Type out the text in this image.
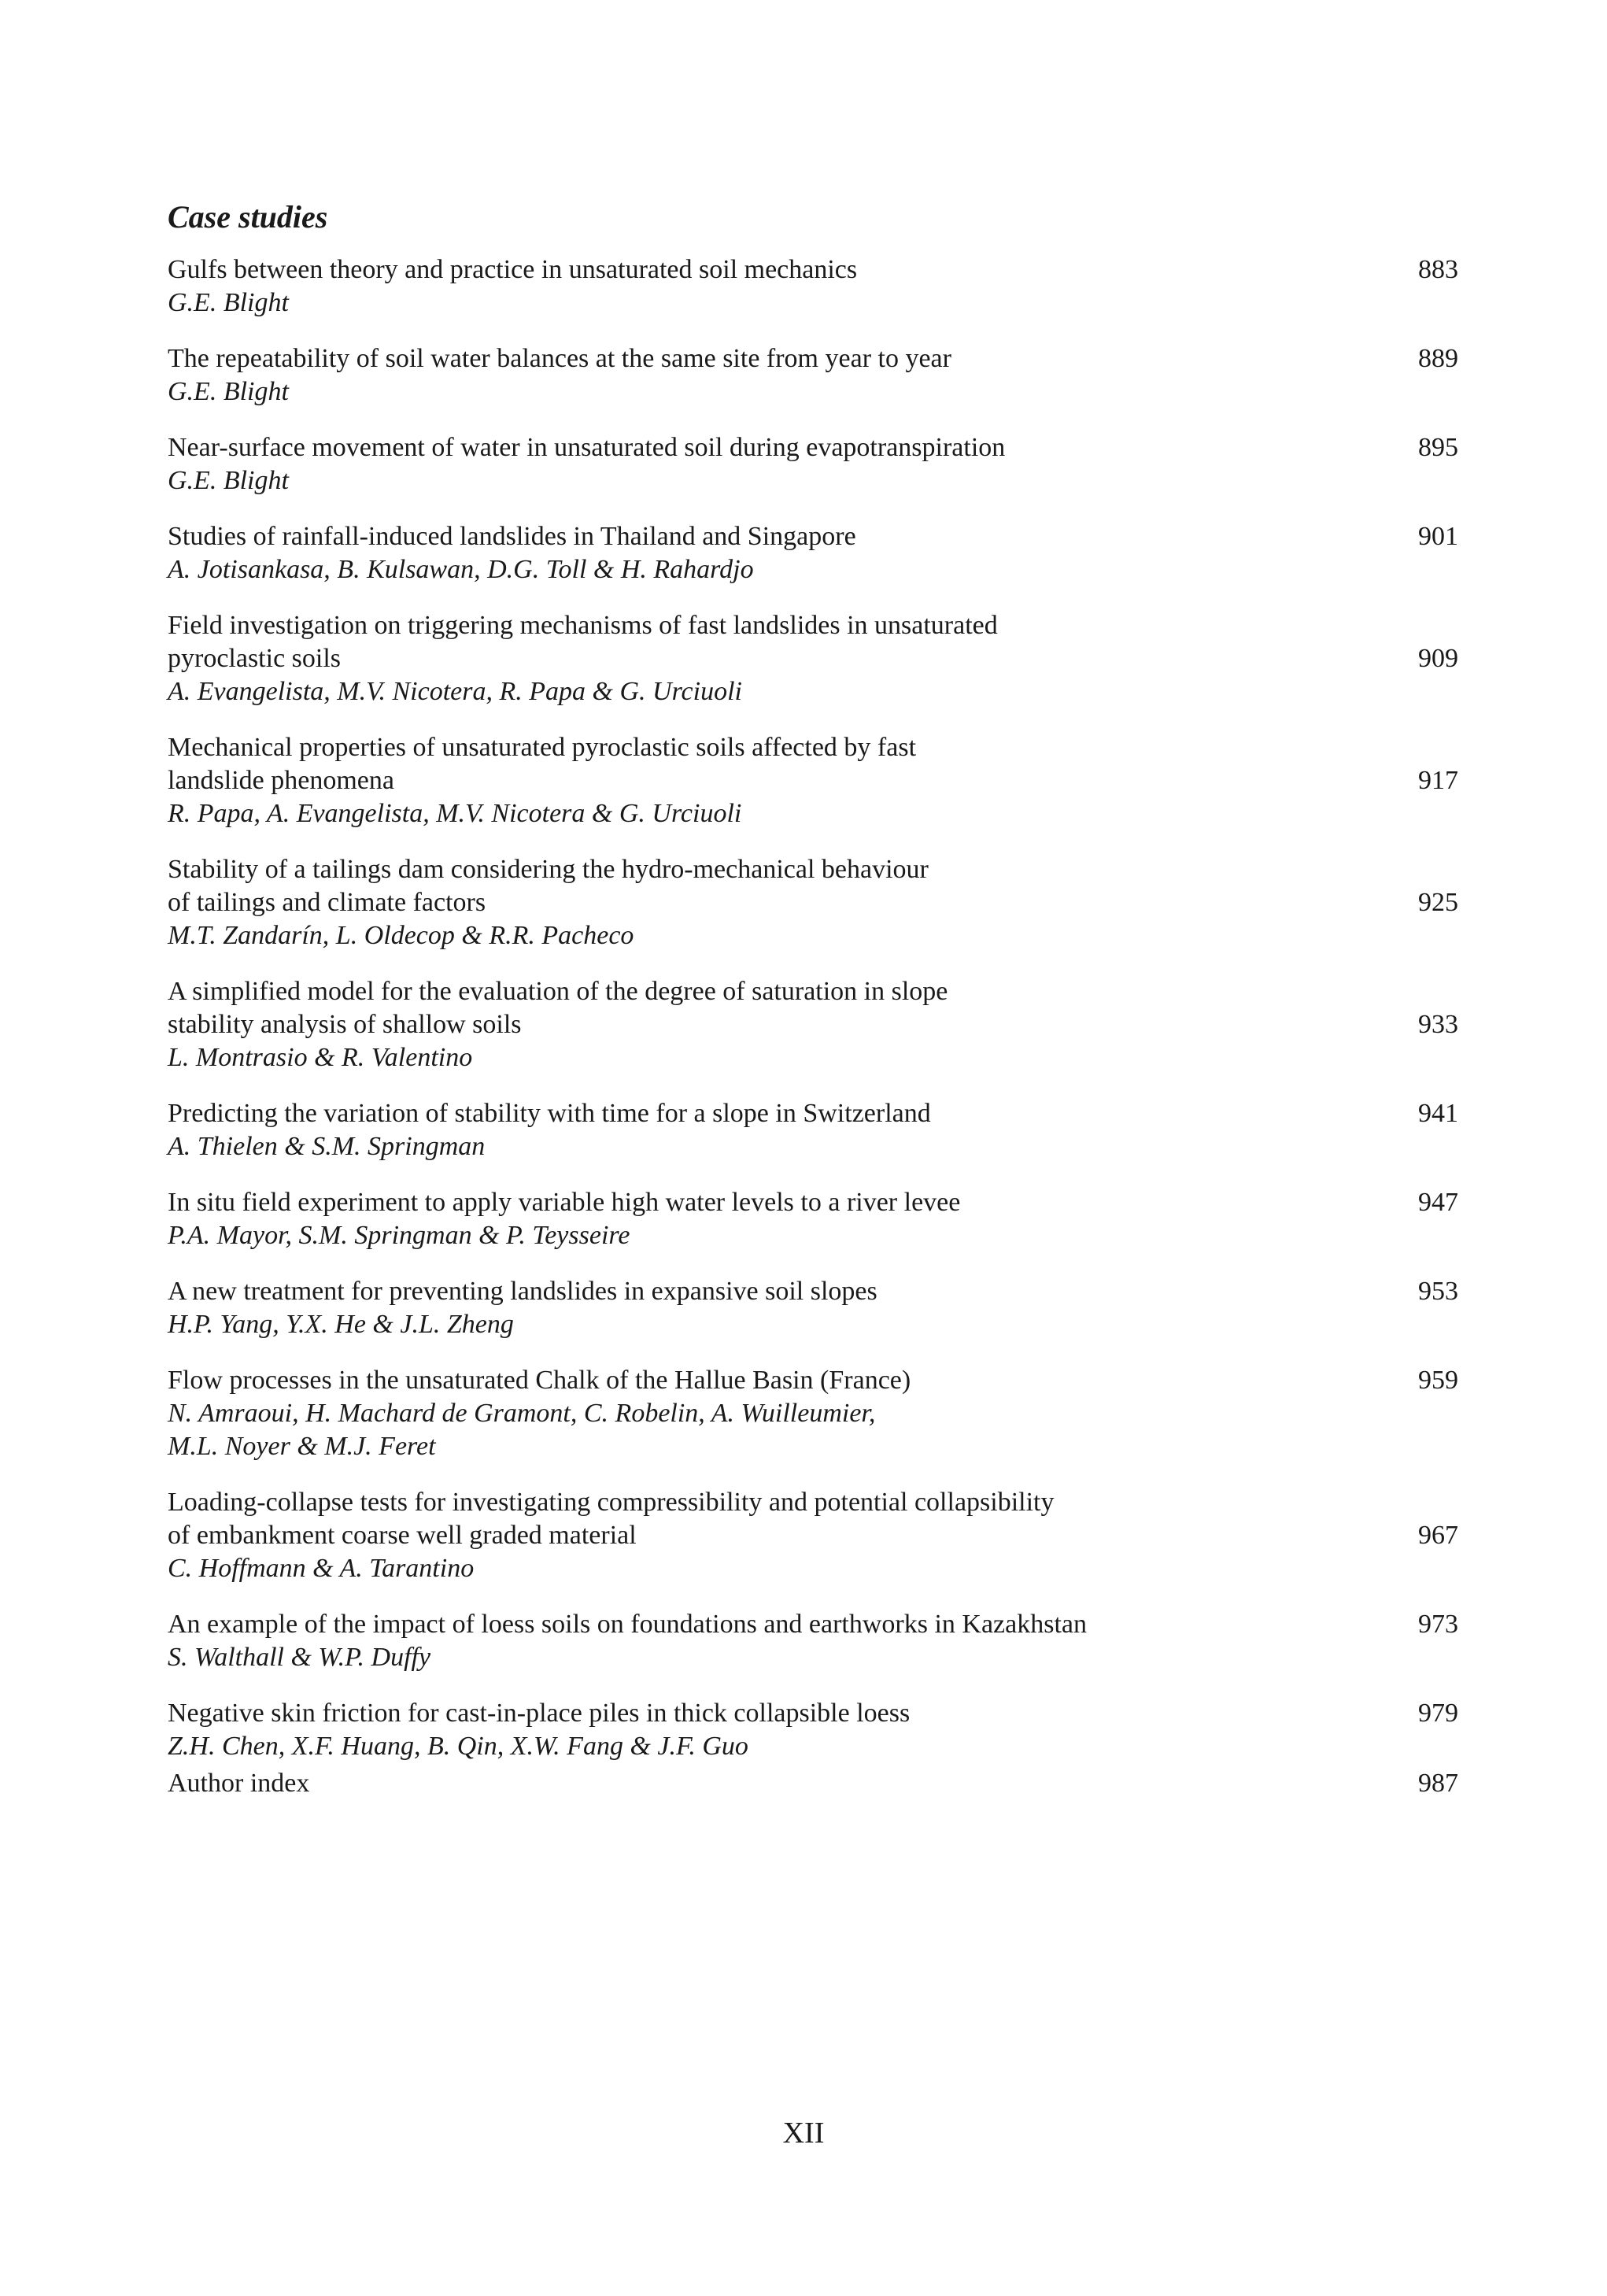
Case studies
883
Gulfs between theory and practice in unsaturated soil mechanics
G.E. Blight
889
The repeatability of soil water balances at the same site from year to year
G.E. Blight
895
Near-surface movement of water in unsaturated soil during evapotranspiration
G.E. Blight
901
Studies of rainfall-induced landslides in Thailand and Singapore
A. Jotisankasa, B. Kulsawan, D.G. Toll & H. Rahardjo
909
Field investigation on triggering mechanisms of fast landslides in unsaturated
pyroclastic soils
A. Evangelista, M.V. Nicotera, R. Papa & G. Urciuoli
917
Mechanical properties of unsaturated pyroclastic soils affected by fast
landslide phenomena
R. Papa, A. Evangelista, M.V. Nicotera & G. Urciuoli
925
Stability of a tailings dam considering the hydro-mechanical behaviour
of tailings and climate factors
M.T. Zandarín, L. Oldecop & R.R. Pacheco
933
A simplified model for the evaluation of the degree of saturation in slope
stability analysis of shallow soils
L. Montrasio & R. Valentino
941
Predicting the variation of stability with time for a slope in Switzerland
A. Thielen & S.M. Springman
947
In situ field experiment to apply variable high water levels to a river levee
P.A. Mayor, S.M. Springman & P. Teysseire
953
A new treatment for preventing landslides in expansive soil slopes
H.P. Yang, Y.X. He & J.L. Zheng
959
Flow processes in the unsaturated Chalk of the Hallue Basin (France)
N. Amraoui, H. Machard de Gramont, C. Robelin, A. Wuilleumier,
M.L. Noyer & M.J. Feret
967
Loading-collapse tests for investigating compressibility and potential collapsibility
of embankment coarse well graded material
C. Hoffmann & A. Tarantino
973
An example of the impact of loess soils on foundations and earthworks in Kazakhstan
S. Walthall & W.P. Duffy
979
Negative skin friction for cast-in-place piles in thick collapsible loess
Z.H. Chen, X.F. Huang, B. Qin, X.W. Fang & J.F. Guo
Author index	987
XII
